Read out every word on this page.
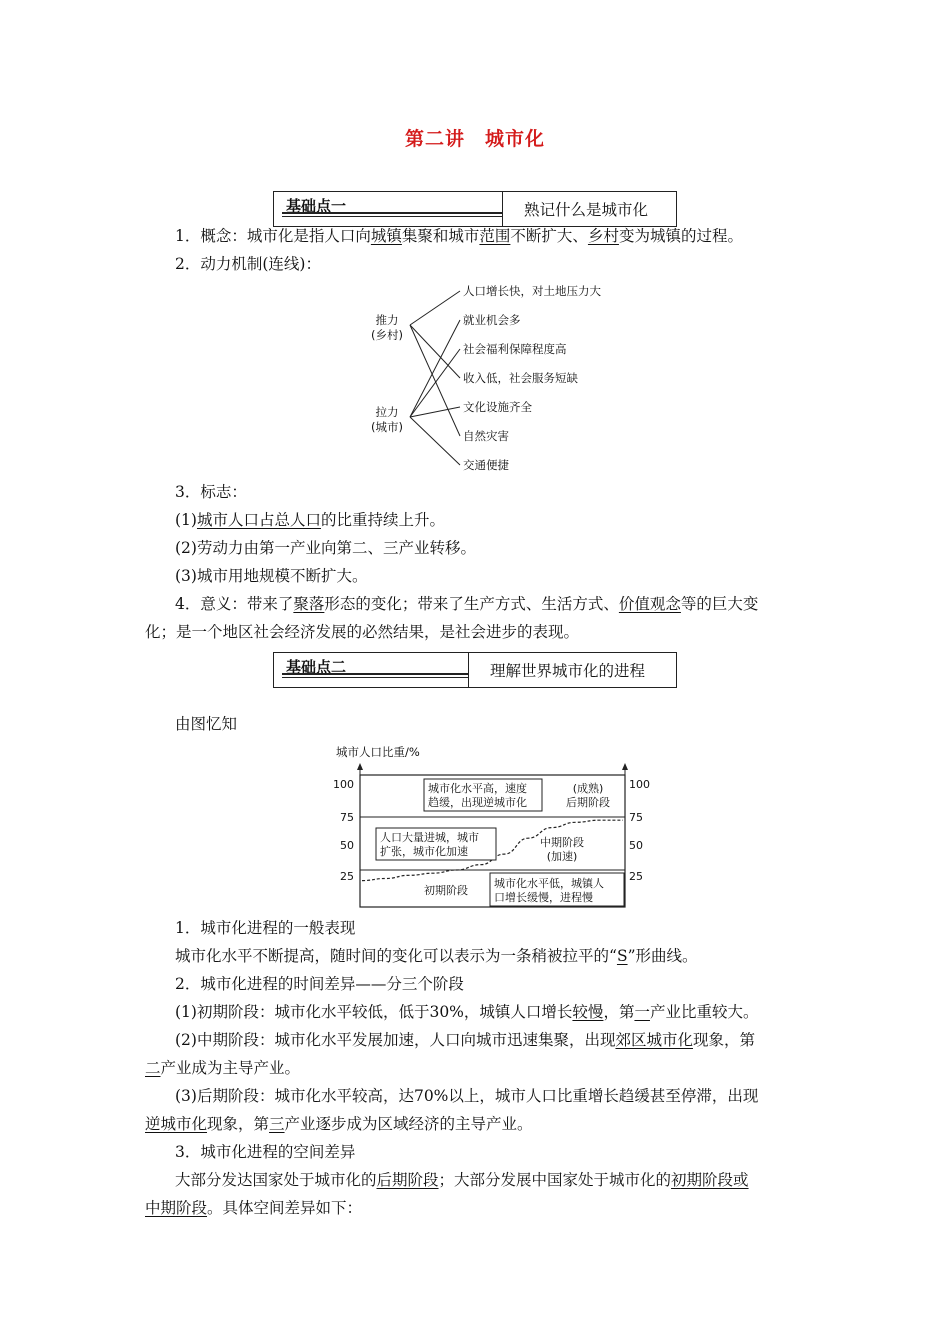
第二讲 城市化
基础点一	熟记什么是城市化
1．概念：城市化是指人口向城镇集聚和城市范围不断扩大、乡村变为城镇的过程。
2．动力机制(连线)：
推力
(乡村)
拉力
(城市)
人口增长快，对土地压力大
就业机会多
社会福利保障程度高
收入低，社会服务短缺
文化设施齐全
自然灾害
交通便捷
3．标志：
(1)城市人口占总人口的比重持续上升。
(2)劳动力由第一产业向第二、三产业转移。
(3)城市用地规模不断扩大。
4．意义：带来了聚落形态的变化；带来了生产方式、生活方式、价值观念等的巨大变
化；是一个地区社会经济发展的必然结果，是社会进步的表现。
基础点二	理解世界城市化的进程
由图忆知
城市人口比重/%
100
75
50
25
100
75
50
25
城市化水平高，速度
趋缓，出现逆城市化
(成熟)
后期阶段
人口大量进城，城市
扩张，城市化加速
中期阶段
(加速)
初期阶段
城市化水平低，城镇人
口增长缓慢，进程慢
1．城市化进程的一般表现
城市化水平不断提高，随时间的变化可以表示为一条稍被拉平的“S”形曲线。
2．城市化进程的时间差异——分三个阶段
(1)初期阶段：城市化水平较低，低于30%，城镇人口增长较慢，第一产业比重较大。
(2)中期阶段：城市化水平发展加速，人口向城市迅速集聚，出现郊区城市化现象，第
二产业成为主导产业。
(3)后期阶段：城市化水平较高，达70%以上，城市人口比重增长趋缓甚至停滞，出现
逆城市化现象，第三产业逐步成为区域经济的主导产业。
3．城市化进程的空间差异
大部分发达国家处于城市化的后期阶段；大部分发展中国家处于城市化的初期阶段或
中期阶段。具体空间差异如下：
